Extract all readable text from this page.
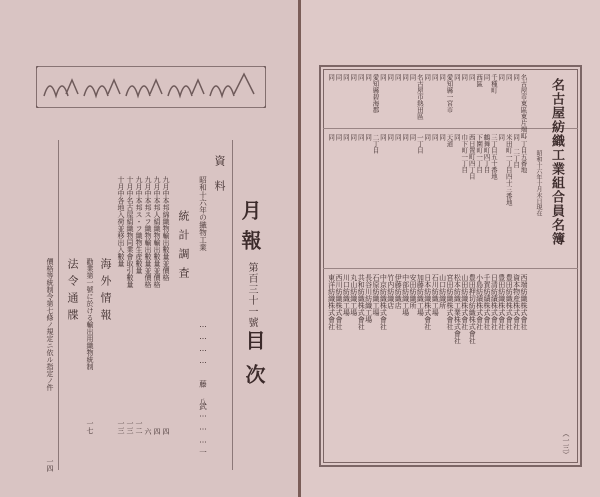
月報
第百三十一號
目次
資料
昭和十六年の織物工業
………… 藤 武
八………一
統計調査
九月中本邦綿織物輸出數量並價格
四
九月中本邦人絹織物輸出數量並價格
四
九月中本邦スフ織物輸出數量並價格
六
九月中本邦ス・フ織物生産數量
一二
十月中名古屋絹織物同業會取引數量
一三
十月中各地入荷並移出入數量
一三
海外情報
勸業第一號に於ける輸出用織物統制
一七
法令通牒
價格等統制令第七條ノ規定ニ依ル指定ノ件
一四
名古屋紡織工業組合員名簿
昭和十六年十月末日現在
名古屋市東區東片端町
一丁目五番地
西端紡織株式會社
同
同 二丁目
資本物産株式會社
同
米田町一丁目四十三番地
豊田紡織株式會社
同
同
豊田紡織株式會社
千種町
三丁目五十番地
日清紡績株式會社
同
鶴舞町四丁目
千賀紡績株式會社
西區
下園町一丁目
小島紡績株式會社
同
西日置町四丁目
豊田押切紡織株式會社
同
巾下町一丁目
山田紡織株式會社
同
同
松本紡織工業株式會社
愛知縣一宮市
天道
宮田紡織株式會社
同
同
山口紡織所
同
同
石川紡織工場
同
同
日本紡織株式會社
名古屋市熱田區
一丁目
加藤紡織工場
同
同
安田紡織所
同
同
中部紡織工場
同
同
伊藤紡織店
同
同
竹内紡織店
同
同
中京紡織株式會社
愛知縣碧海郡
二丁目
石原紡織工場
同
同
長谷川紡織工場
同
同
共和紡織株式會社
同
同
丸山紡織工場
同
同
川口紡織工場
同
同
西川紡織株式會社
同
同
東洋紡織株式會社
（一三）
